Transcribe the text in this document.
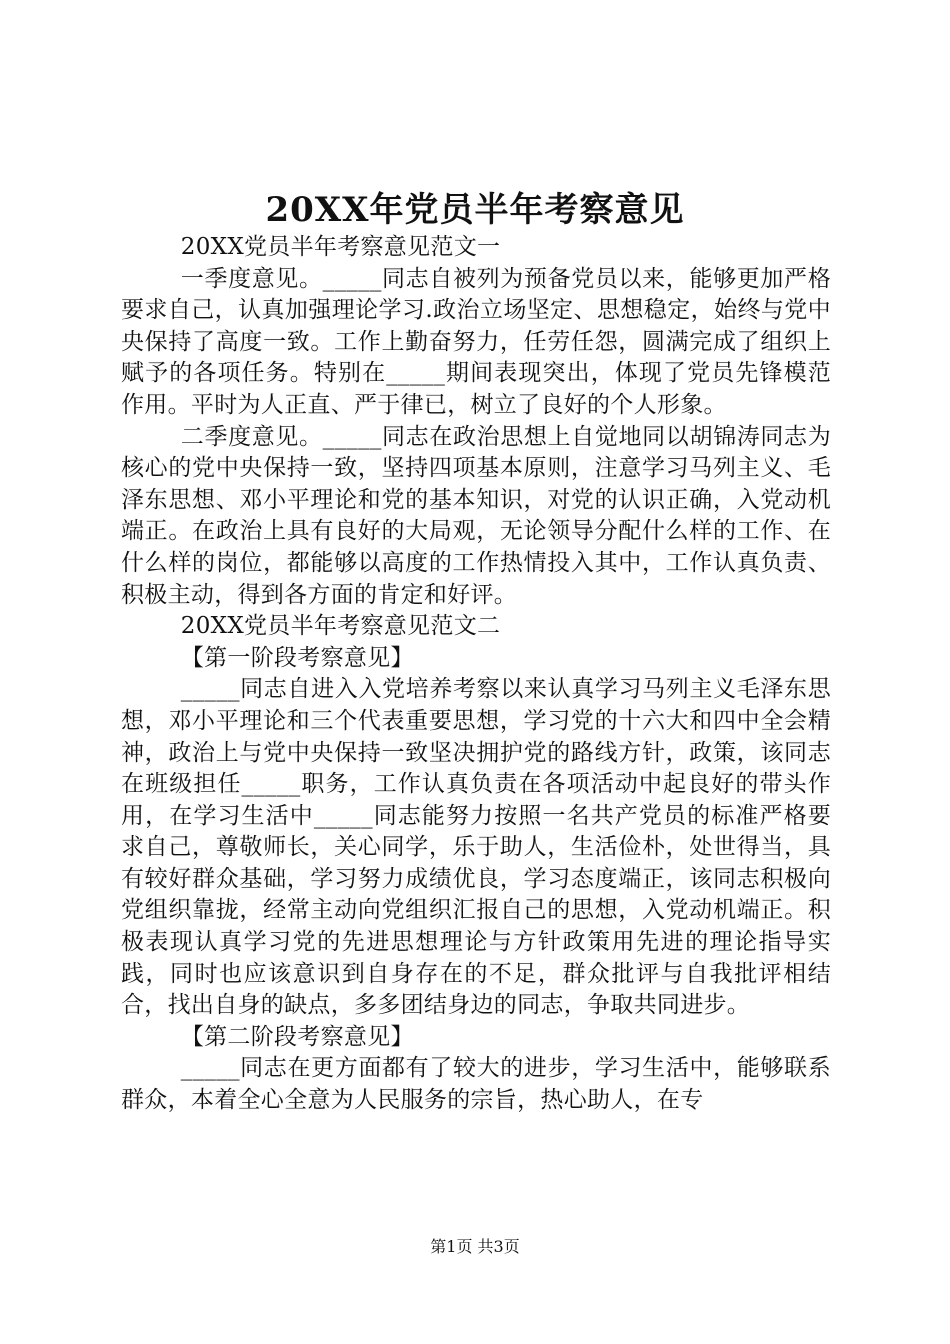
20XX年党员半年考察意见

20XX党员半年考察意见范文一

一季度意见。_____同志自被列为预备党员以来，能够更加严格要求自己，认真加强理论学习.政治立场坚定、思想稳定，始终与党中央保持了高度一致。工作上勤奋努力，任劳任怨，圆满完成了组织上赋予的各项任务。特别在_____期间表现突出，体现了党员先锋模范作用。平时为人正直、严于律已，树立了良好的个人形象。

二季度意见。_____同志在政治思想上自觉地同以胡锦涛同志为核心的党中央保持一致，坚持四项基本原则，注意学习马列主义、毛泽东思想、邓小平理论和党的基本知识，对党的认识正确，入党动机端正。在政治上具有良好的大局观，无论领导分配什么样的工作、在什么样的岗位，都能够以高度的工作热情投入其中，工作认真负责、积极主动，得到各方面的肯定和好评。

20XX党员半年考察意见范文二

【第一阶段考察意见】

_____同志自进入入党培养考察以来认真学习马列主义毛泽东思想，邓小平理论和三个代表重要思想，学习党的十六大和四中全会精神，政治上与党中央保持一致坚决拥护党的路线方针，政策，该同志在班级担任_____职务，工作认真负责在各项活动中起良好的带头作用，在学习生活中_____同志能努力按照一名共产党员的标准严格要求自己，尊敬师长，关心同学，乐于助人，生活俭朴，处世得当，具有较好群众基础，学习努力成绩优良，学习态度端正，该同志积极向党组织靠拢，经常主动向党组织汇报自己的思想，入党动机端正。积极表现认真学习党的先进思想理论与方针政策用先进的理论指导实践，同时也应该意识到自身存在的不足，群众批评与自我批评相结合，找出自身的缺点，多多团结身边的同志，争取共同进步。

【第二阶段考察意见】

_____同志在更方面都有了较大的进步，学习生活中，能够联系群众，本着全心全意为人民服务的宗旨，热心助人，在专

第1页 共3页
